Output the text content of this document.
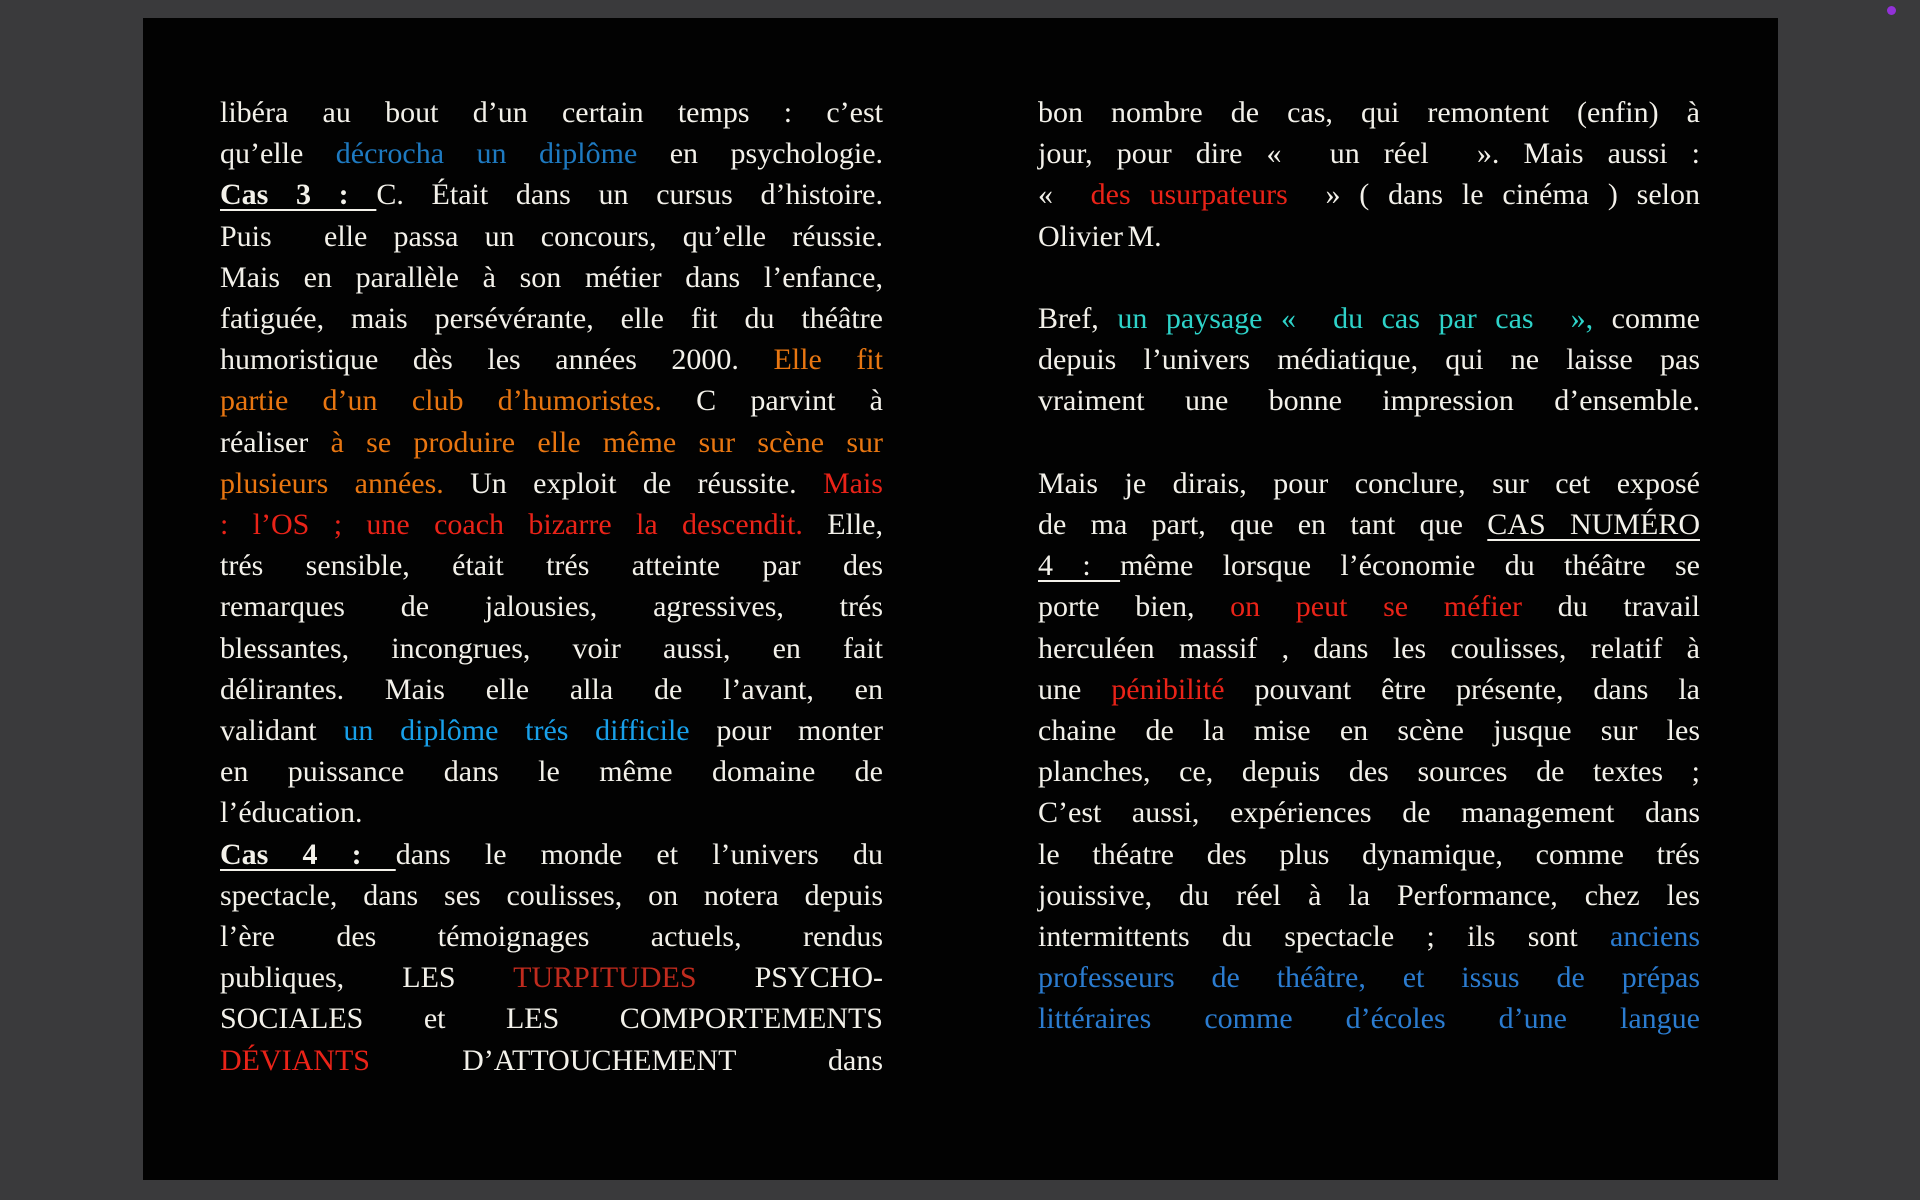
libéra au bout d’un certain temps : c’est
qu’elle décrocha un diplôme en psychologie.
Cas 3 : C. Était dans un cursus d’histoire.
Puis  elle passa un concours, qu’elle réussie.
Mais en parallèle à son métier dans l’enfance,
fatiguée, mais persévérante, elle fit du théâtre
humoristique dès les années 2000. Elle fit
partie d’un club d’humoristes. C parvint à
réaliser à se produire elle même sur scène sur
plusieurs années. Un exploit de réussite. Mais
: l’OS ; une coach bizarre la descendit. Elle,
trés sensible, était trés atteinte par des
remarques de jalousies, agressives, trés
blessantes, incongrues, voir aussi, en fait
délirantes. Mais elle alla de l’avant, en
validant un diplôme trés difficile pour monter
en puissance dans le même domaine de
l’éducation.
Cas 4 : dans le monde et l’univers du
spectacle, dans ses coulisses, on notera depuis
l’ère des témoignages actuels, rendus
publiques, LES TURPITUDES PSYCHO-
SOCIALES et LES COMPORTEMENTS
DÉVIANTS D’ATTOUCHEMENT dans
bon nombre de cas, qui remontent (enfin) à
jour, pour dire «  un réel  ». Mais aussi :
«  des usurpateurs  » ( dans le cinéma ) selon
Olivier M.

Bref, un paysage «  du cas par cas  », comme
depuis l’univers médiatique, qui ne laisse pas
vraiment une bonne impression d’ensemble.

Mais je dirais, pour conclure, sur cet exposé
de ma part, que en tant que CAS NUMÉRO
4 : même lorsque l’économie du théâtre se
porte bien, on peut se méfier du travail
herculéen massif , dans les coulisses, relatif à
une pénibilité pouvant être présente, dans la
chaine de la mise en scène jusque sur les
planches, ce, depuis des sources de textes ;
C’est aussi, expériences de management dans
le théatre des plus dynamique, comme trés
jouissive, du réel à la Performance, chez les
intermittents du spectacle ; ils sont anciens
professeurs de théâtre, et issus de prépas
littéraires comme d’écoles d’une langue
